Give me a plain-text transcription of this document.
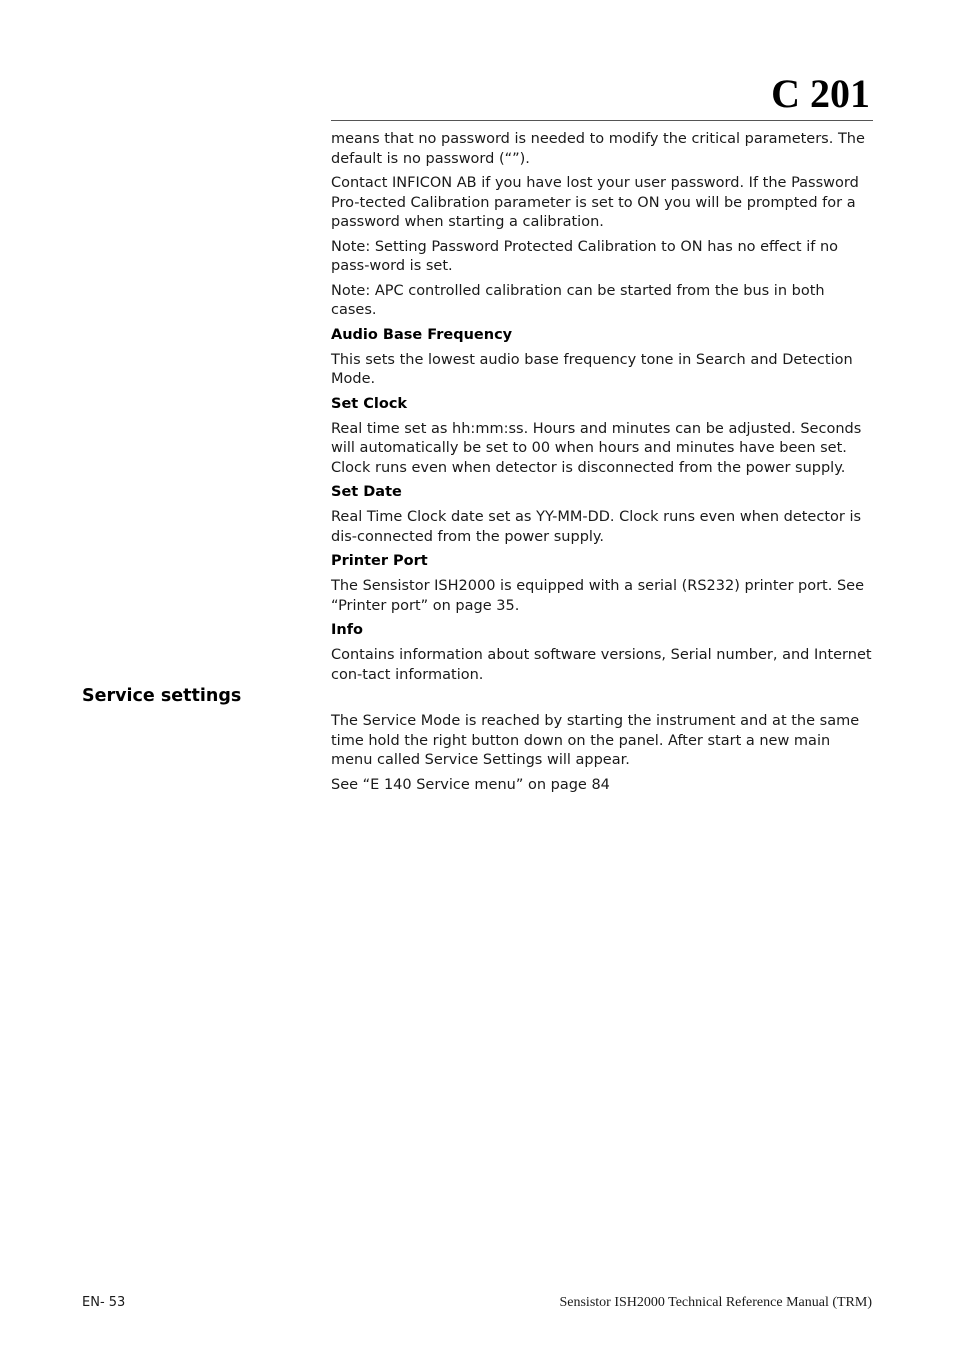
C 201

means that no password is needed to modify the critical parameters. The default is no password (“”).

Contact INFICON AB if you have lost your user password. If the Password Pro-tected Calibration parameter is set to ON you will be prompted for a password when starting a calibration.

Note: Setting Password Protected Calibration to ON has no effect if no pass-word is set.

Note: APC controlled calibration can be started from the bus in both cases.

Audio Base Frequency

This sets the lowest audio base frequency tone in Search and Detection Mode.

Set Clock

Real time set as hh:mm:ss. Hours and minutes can be adjusted. Seconds will automatically be set to 00 when hours and minutes have been set. Clock runs even when detector is disconnected from the power supply.

Set Date

Real Time Clock date set as YY-MM-DD. Clock runs even when detector is dis-connected from the power supply.

Printer Port

The Sensistor ISH2000 is equipped with a serial (RS232) printer port. See “Printer port” on page 35.

Info

Contains information about software versions, Serial number, and Internet con-tact information.

Service settings

The Service Mode is reached by starting the instrument and at the same time hold the right button down on the panel. After start a new main menu called Service Settings will appear.

See “E 140 Service menu” on page 84

EN- 53	Sensistor ISH2000 Technical Reference Manual (TRM)
